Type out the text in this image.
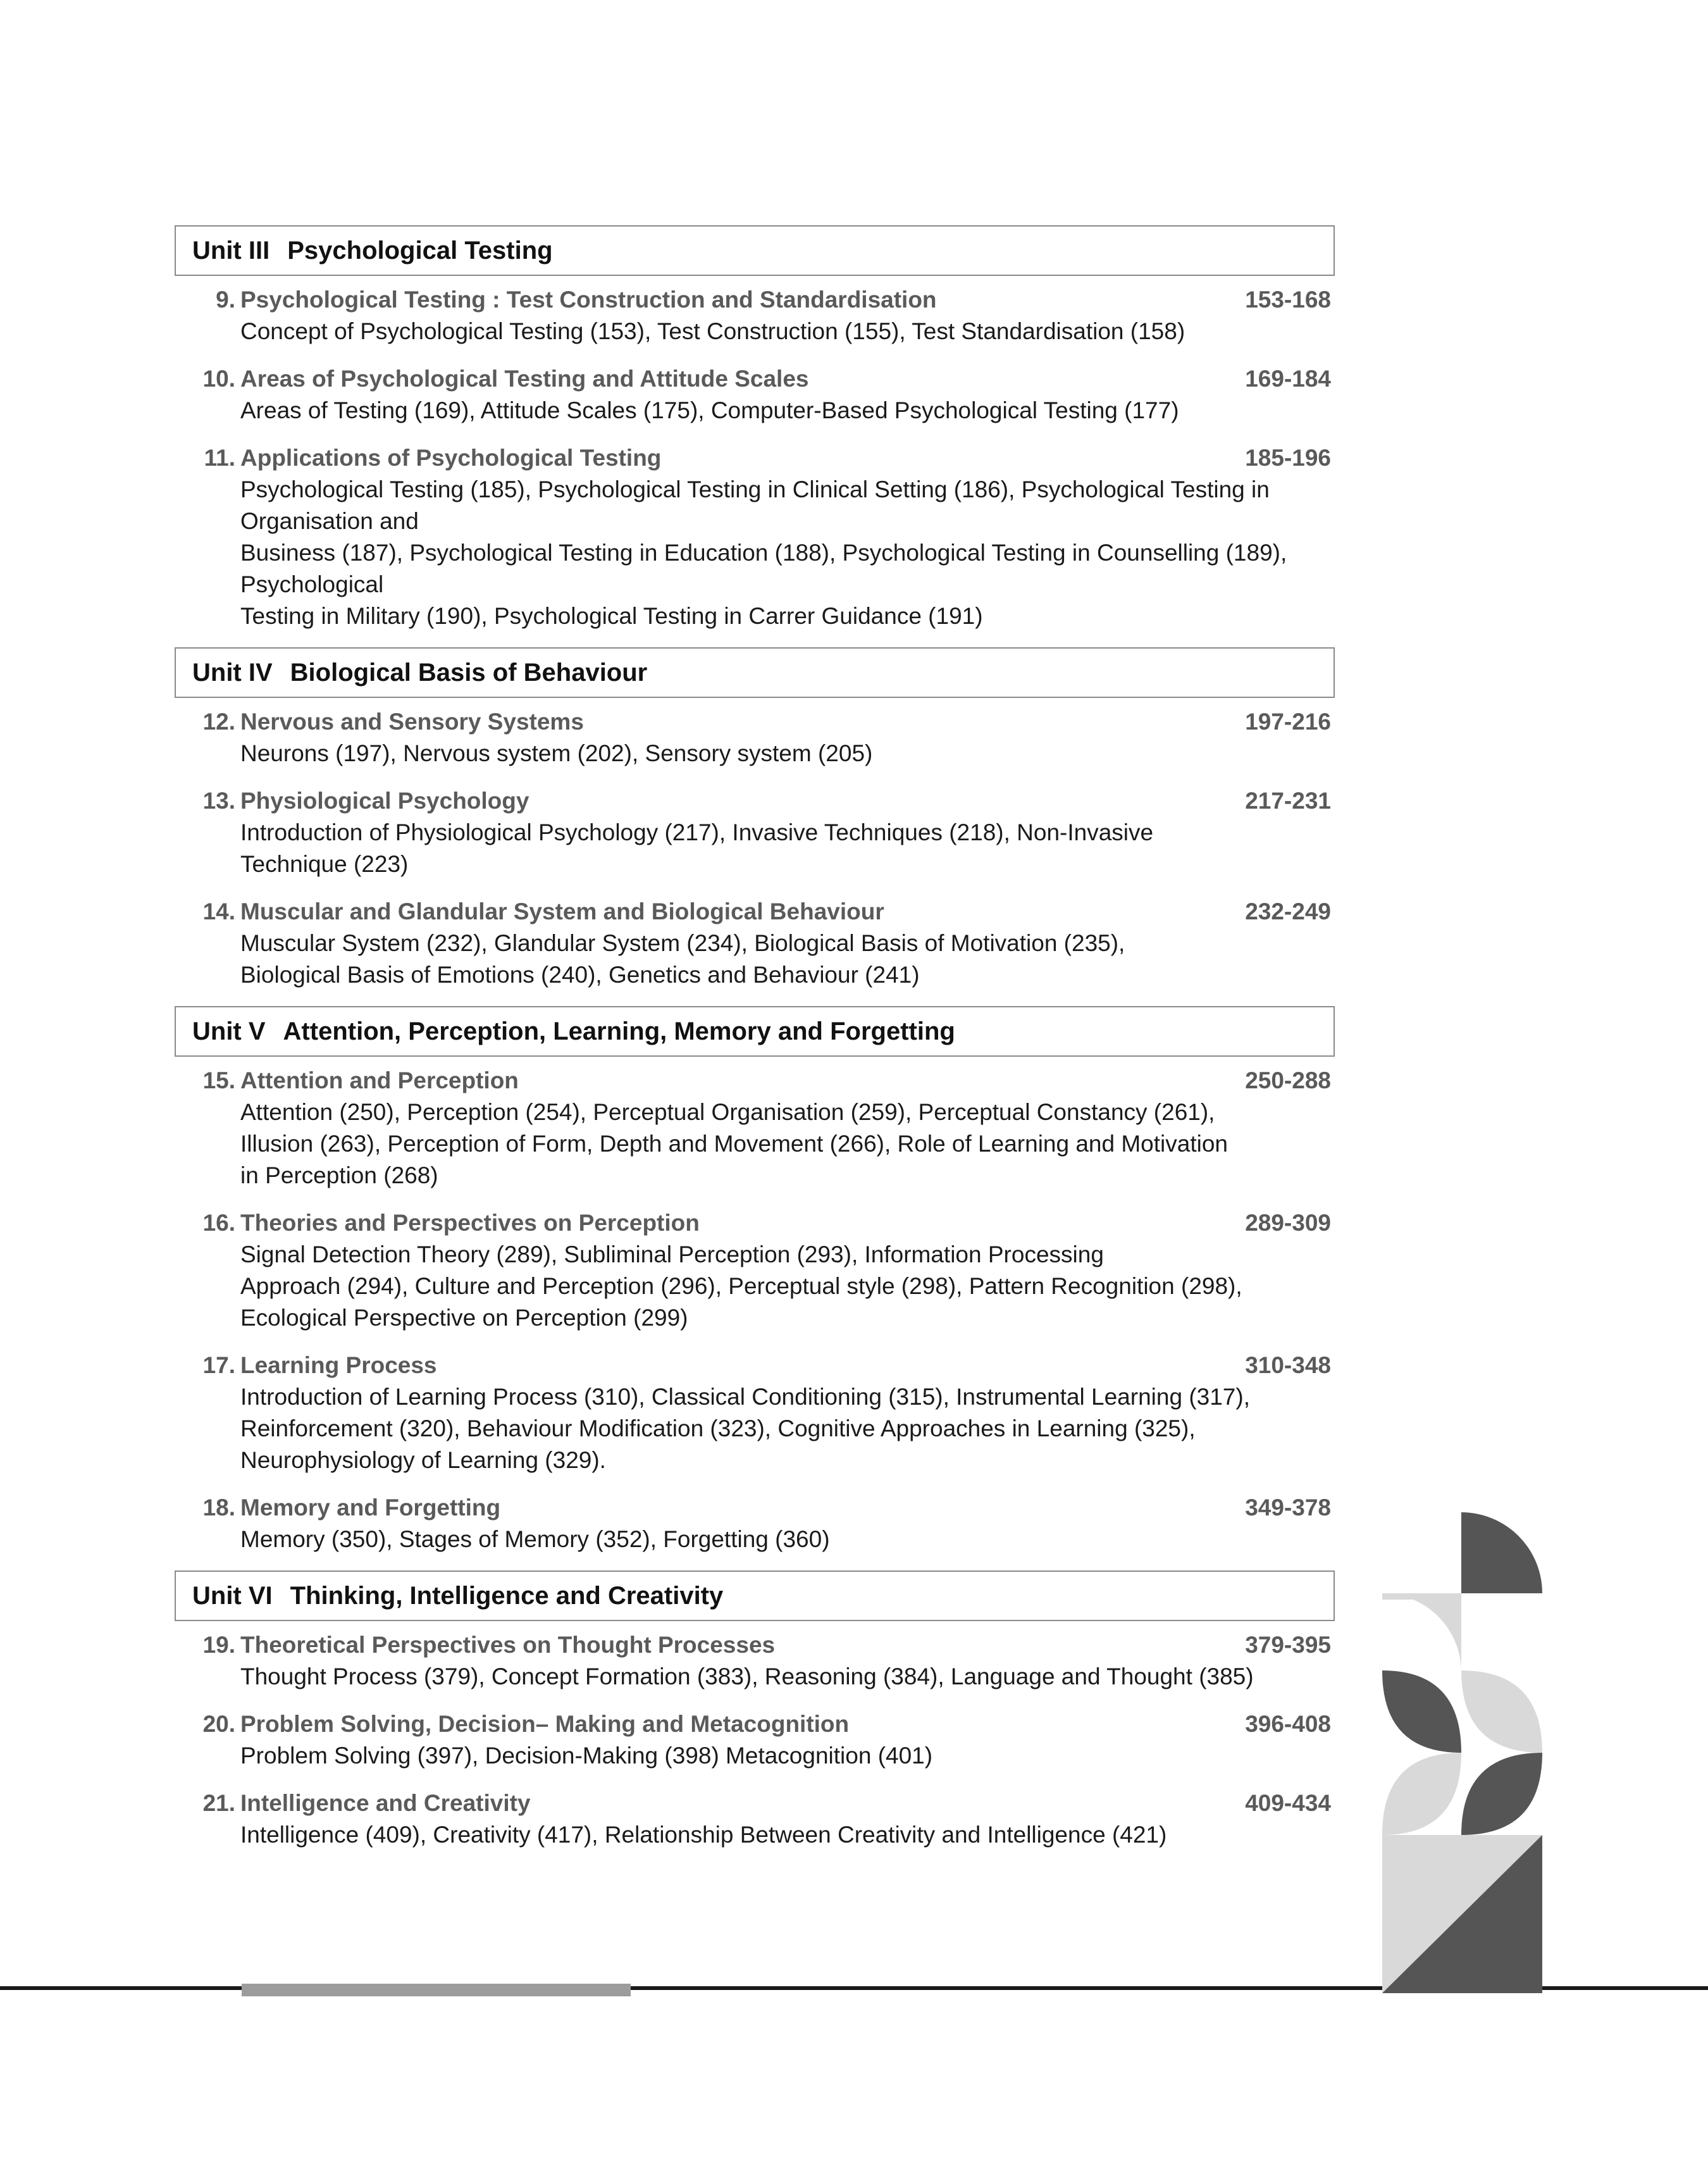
Unit III Psychological Testing
9. Psychological Testing : Test Construction and Standardisation	153-168
Concept of Psychological Testing (153), Test Construction (155), Test Standardisation (158)
10. Areas of Psychological Testing and Attitude Scales	169-184
Areas of Testing (169), Attitude Scales (175), Computer-Based Psychological Testing (177)
11. Applications of Psychological Testing	185-196
Psychological Testing (185), Psychological Testing in Clinical Setting (186), Psychological Testing in
Organisation and
Business (187), Psychological Testing in Education (188), Psychological Testing in Counselling (189),
Psychological
Testing in Military (190), Psychological Testing in Carrer Guidance (191)
Unit IV Biological Basis of Behaviour
12. Nervous and Sensory Systems	197-216
Neurons (197), Nervous system (202), Sensory system (205)
13. Physiological Psychology	217-231
Introduction of Physiological Psychology (217), Invasive Techniques (218), Non-Invasive
Technique (223)
14. Muscular and Glandular System and Biological Behaviour	232-249
Muscular System (232), Glandular System (234), Biological Basis of Motivation (235),
Biological Basis of Emotions (240), Genetics and Behaviour (241)
Unit V Attention, Perception, Learning, Memory and Forgetting
15. Attention and Perception	250-288
Attention (250), Perception (254), Perceptual Organisation (259), Perceptual Constancy (261),
Illusion (263), Perception of Form, Depth and Movement (266), Role of Learning and Motivation
in Perception (268)
16. Theories and Perspectives on Perception	289-309
Signal Detection Theory (289), Subliminal Perception (293), Information Processing
Approach (294), Culture and Perception (296), Perceptual style (298), Pattern Recognition (298),
Ecological Perspective on Perception (299)
17. Learning Process	310-348
Introduction of Learning Process (310), Classical Conditioning (315), Instrumental Learning (317),
Reinforcement (320), Behaviour Modification (323), Cognitive Approaches in Learning (325),
Neurophysiology of Learning (329).
18. Memory and Forgetting	349-378
Memory (350), Stages of Memory (352), Forgetting (360)
Unit VI Thinking, Intelligence and Creativity
19. Theoretical Perspectives on Thought Processes	379-395
Thought Process (379), Concept Formation (383), Reasoning (384), Language and Thought (385)
20. Problem Solving, Decision– Making and Metacognition	396-408
Problem Solving (397), Decision-Making (398) Metacognition (401)
21. Intelligence and Creativity	409-434
Intelligence (409), Creativity (417), Relationship Between Creativity and Intelligence (421)
